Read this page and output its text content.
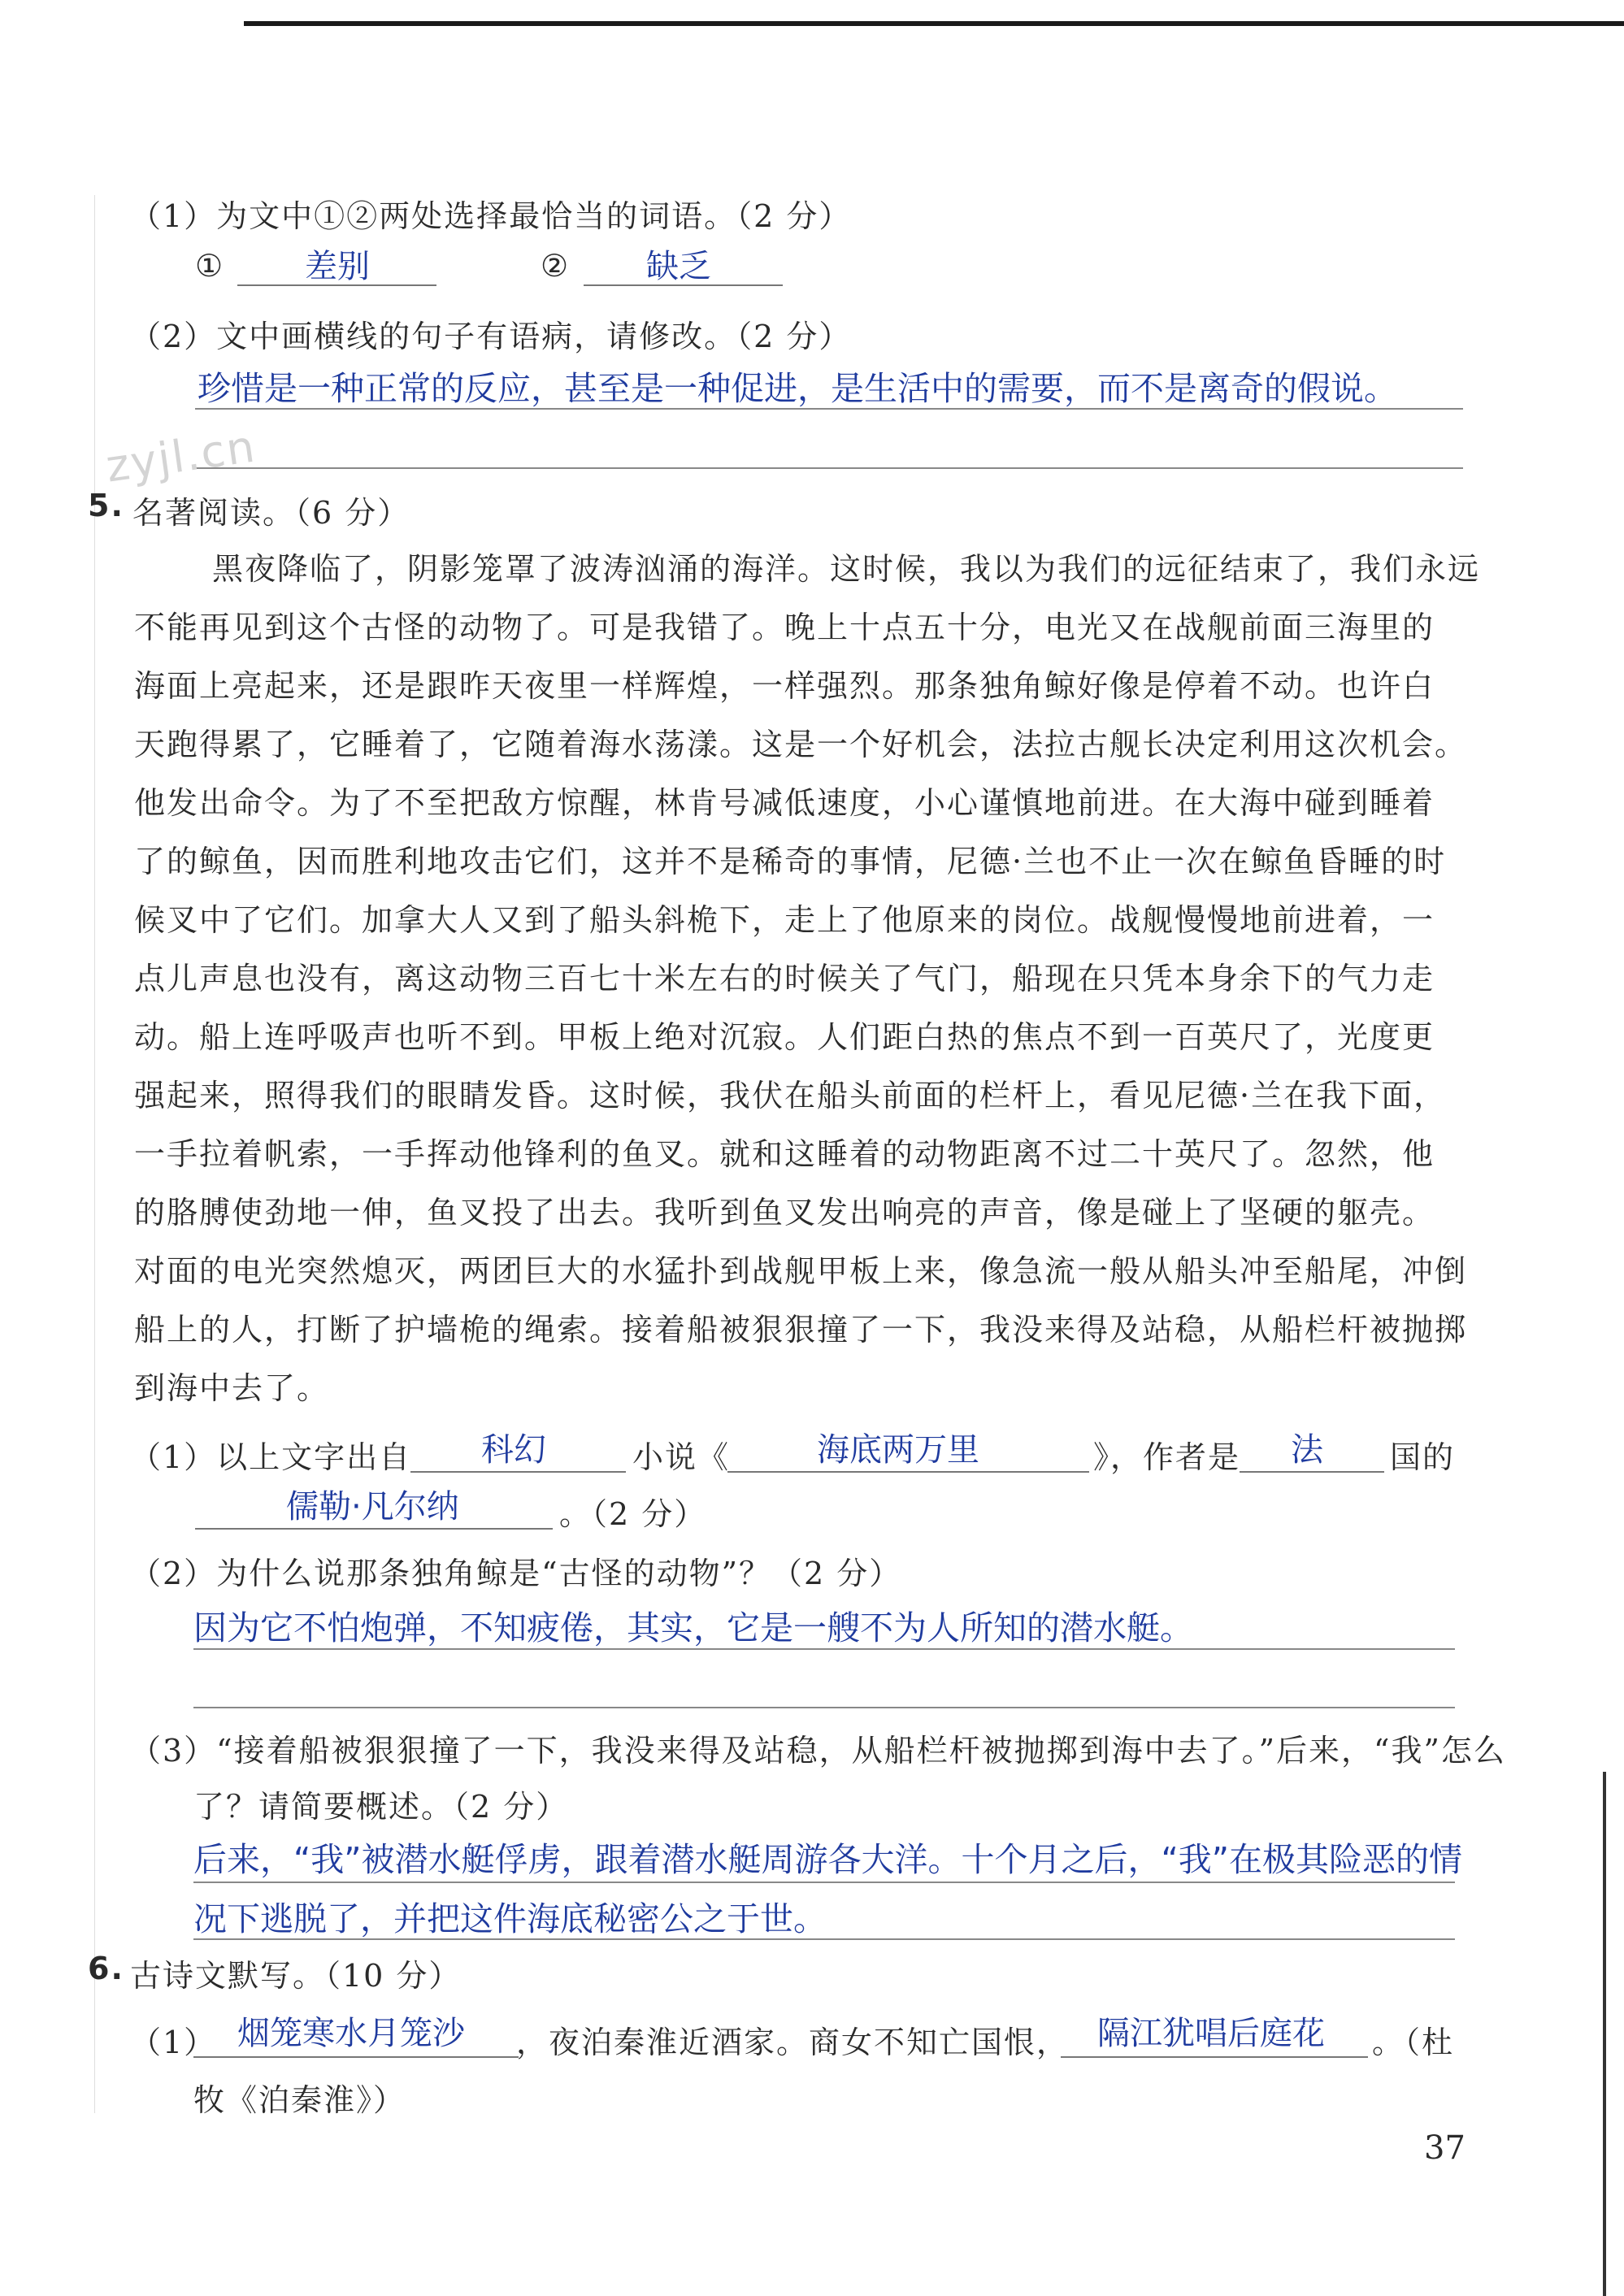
（1）为文中①②两处选择最恰当的词语。（2 分）
① 差别	② 缺乏
（2）文中画横线的句子有语病，请修改。（2 分）
珍惜是一种正常的反应，甚至是一种促进，是生活中的需要，而不是离奇的假说。
zyjl.cn
5. 名著阅读。（6 分）
黑夜降临了，阴影笼罩了波涛汹涌的海洋。这时候，我以为我们的远征结束了，我们永远
不能再见到这个古怪的动物了。可是我错了。晚上十点五十分，电光又在战舰前面三海里的
海面上亮起来，还是跟昨天夜里一样辉煌，一样强烈。那条独角鲸好像是停着不动。也许白
天跑得累了，它睡着了，它随着海水荡漾。这是一个好机会，法拉古舰长决定利用这次机会。
他发出命令。为了不至把敌方惊醒，林肯号减低速度，小心谨慎地前进。在大海中碰到睡着
了的鲸鱼，因而胜利地攻击它们，这并不是稀奇的事情，尼德·兰也不止一次在鲸鱼昏睡的时
候叉中了它们。加拿大人又到了船头斜桅下，走上了他原来的岗位。战舰慢慢地前进着，一
点儿声息也没有，离这动物三百七十米左右的时候关了气门，船现在只凭本身余下的气力走
动。船上连呼吸声也听不到。甲板上绝对沉寂。人们距白热的焦点不到一百英尺了，光度更
强起来，照得我们的眼睛发昏。这时候，我伏在船头前面的栏杆上，看见尼德·兰在我下面，
一手拉着帆索，一手挥动他锋利的鱼叉。就和这睡着的动物距离不过二十英尺了。忽然，他
的胳膊使劲地一伸，鱼叉投了出去。我听到鱼叉发出响亮的声音，像是碰上了坚硬的躯壳。
对面的电光突然熄灭，两团巨大的水猛扑到战舰甲板上来，像急流一般从船头冲至船尾，冲倒
船上的人，打断了护墙桅的绳索。接着船被狠狠撞了一下，我没来得及站稳，从船栏杆被抛掷
到海中去了。
（1）以上文字出自 科幻	小说《	海底两万里	》，作者是 法 国的
儒勒·凡尔纳	。（2 分）
（2）为什么说那条独角鲸是“古怪的动物”？（2 分）
因为它不怕炮弹，不知疲倦，其实，它是一艘不为人所知的潜水艇。
（3）“接着船被狠狠撞了一下，我没来得及站稳，从船栏杆被抛掷到海中去了。”后来，“我”怎么
了？请简要概述。（2 分）
后来，“我”被潜水艇俘虏，跟着潜水艇周游各大洋。十个月之后，“我”在极其险恶的情
况下逃脱了，并把这件海底秘密公之于世。
6. 古诗文默写。（10 分）
（1） 烟笼寒水月笼沙 ，夜泊秦淮近酒家。商女不知亡国恨， 隔江犹唱后庭花 。（杜
牧《泊秦淮》）
37
